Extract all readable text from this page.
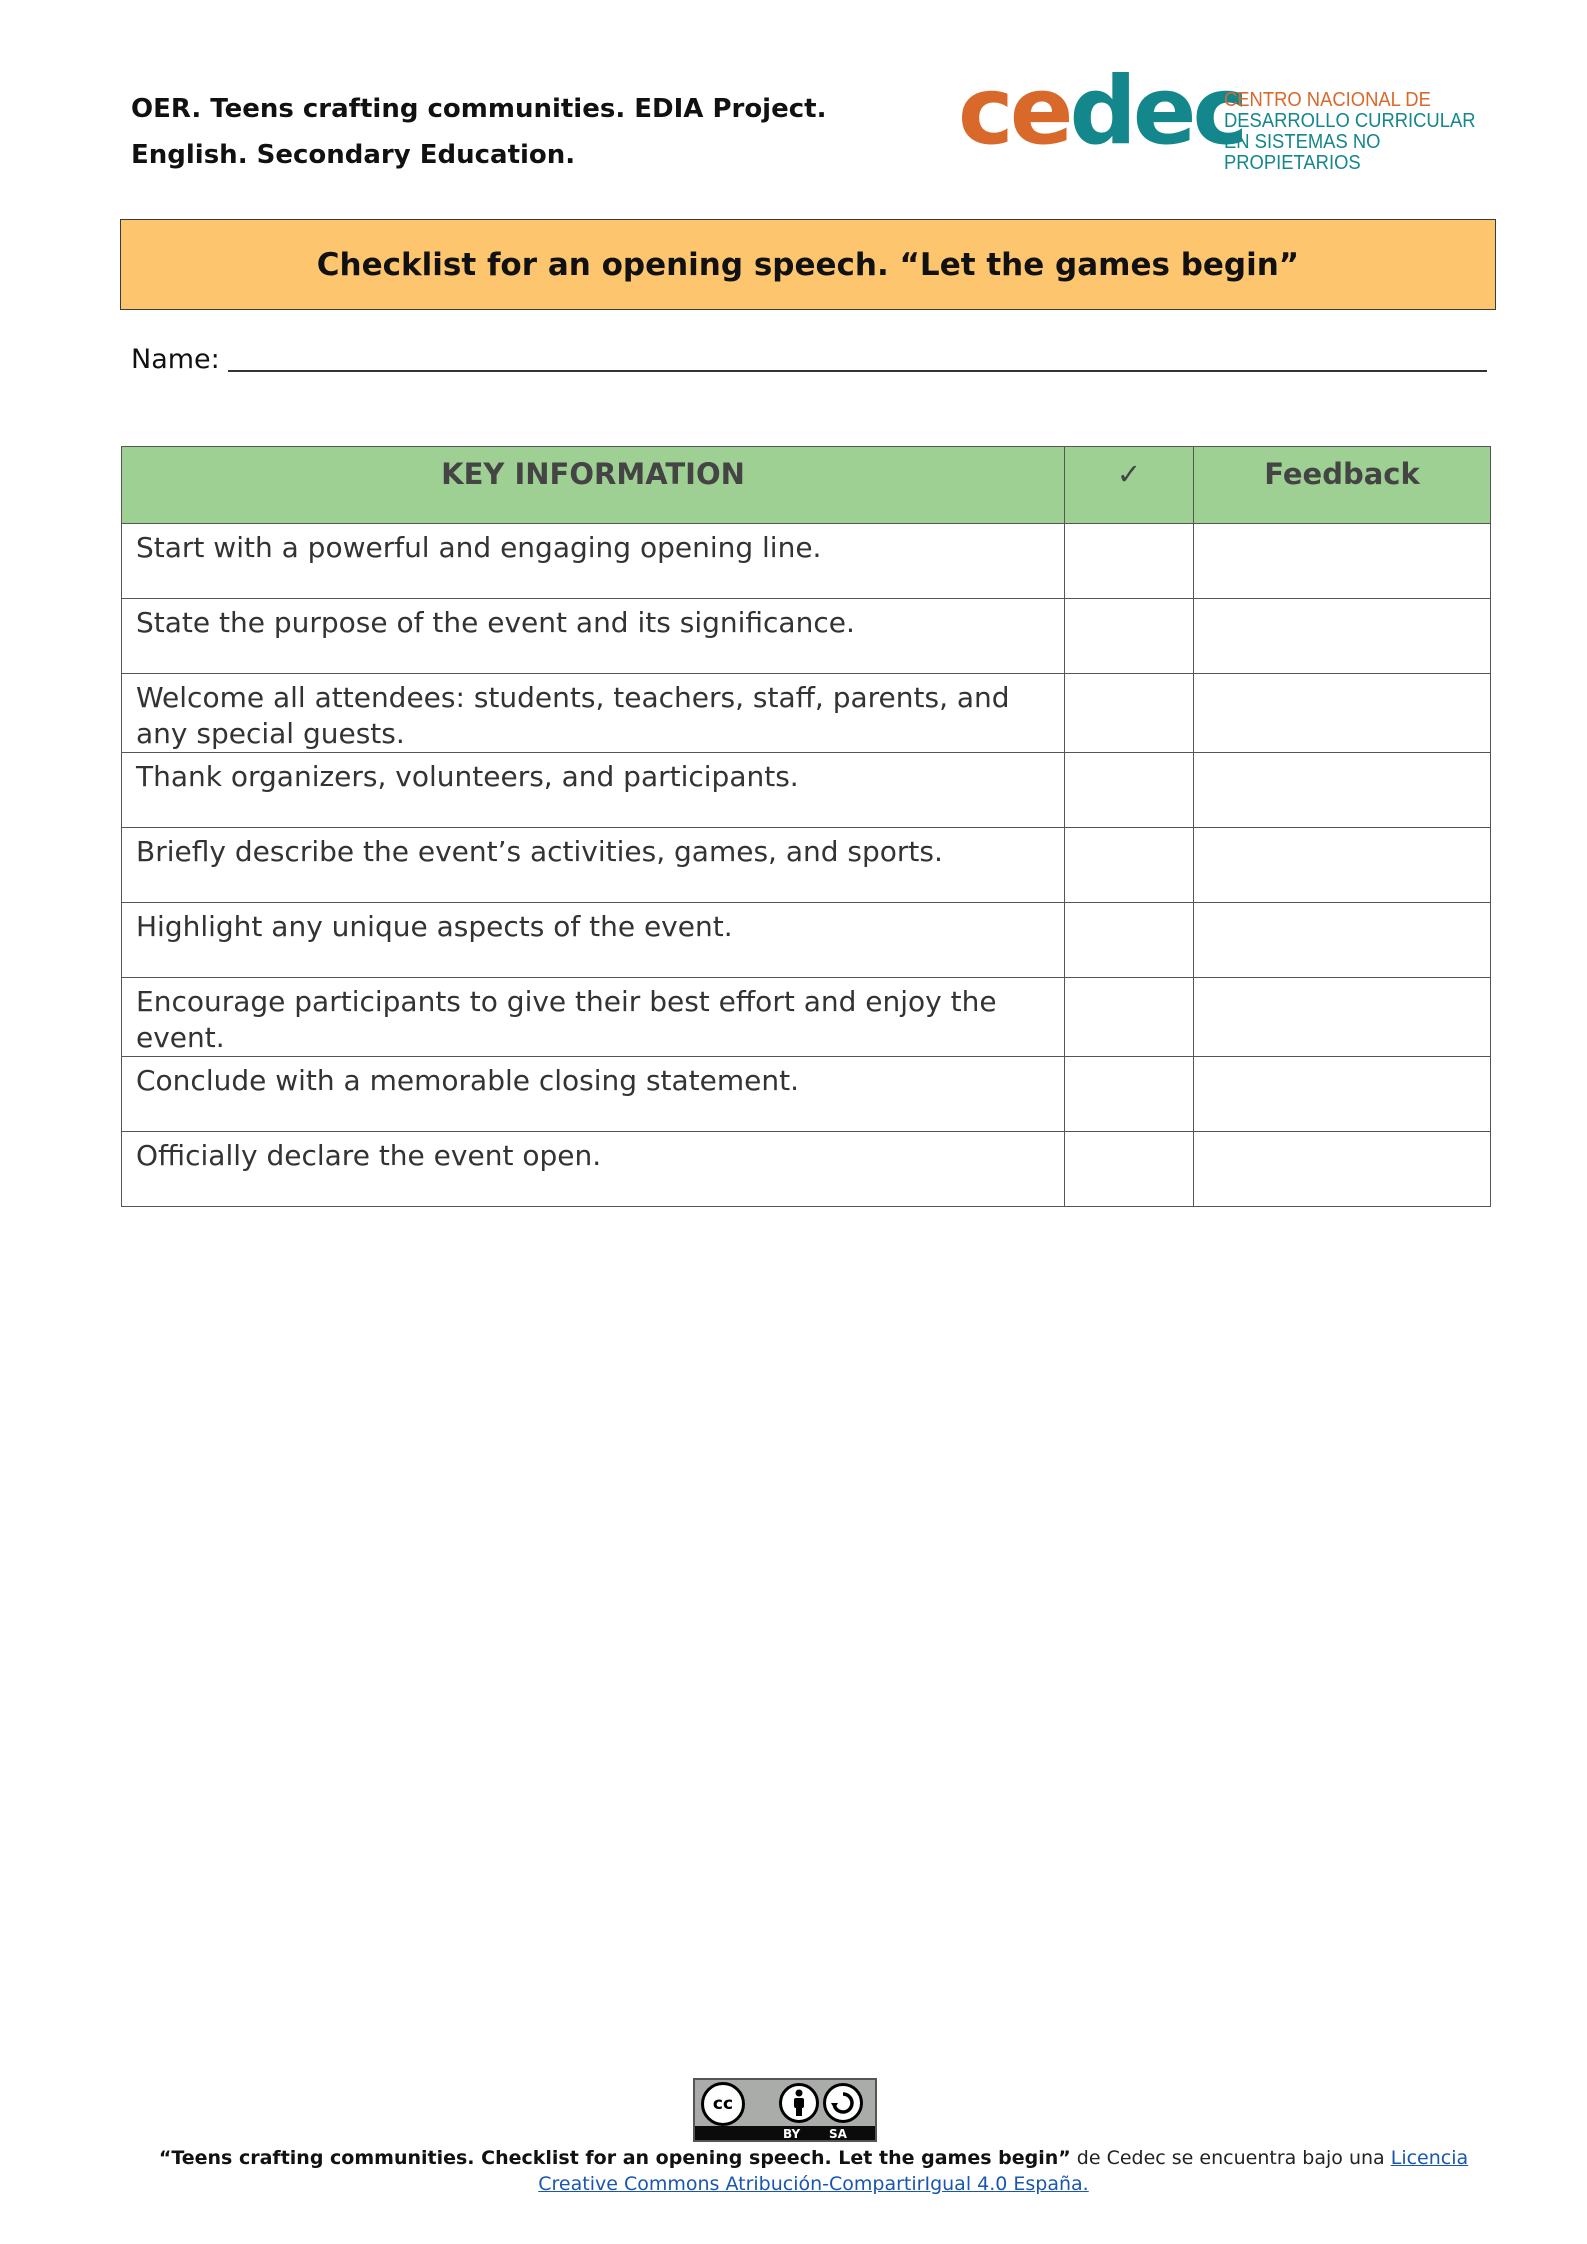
OER. Teens crafting communities. EDIA Project.
English. Secondary Education.	cedec
CENTRO NACIONAL DE
DESARROLLO CURRICULAR
EN SISTEMAS NO PROPIETARIOS
Checklist for an opening speech. “Let the games begin”
Name:
KEY INFORMATION	✓	Feedback
Start with a powerful and engaging opening line.		
State the purpose of the event and its significance.		
Welcome all attendees: students, teachers, staff, parents, and any special guests.		
Thank organizers, volunteers, and participants.		
Briefly describe the event’s activities, games, and sports.		
Highlight any unique aspects of the event.		
Encourage participants to give their best effort and enjoy the event.		
Conclude with a memorable closing statement.		
Officially declare the event open.		
cc
BY SA
“Teens crafting communities. Checklist for an opening speech. Let the games begin” de Cedec se encuentra bajo una Licencia Creative Commons Atribución-CompartirIgual 4.0 España.
